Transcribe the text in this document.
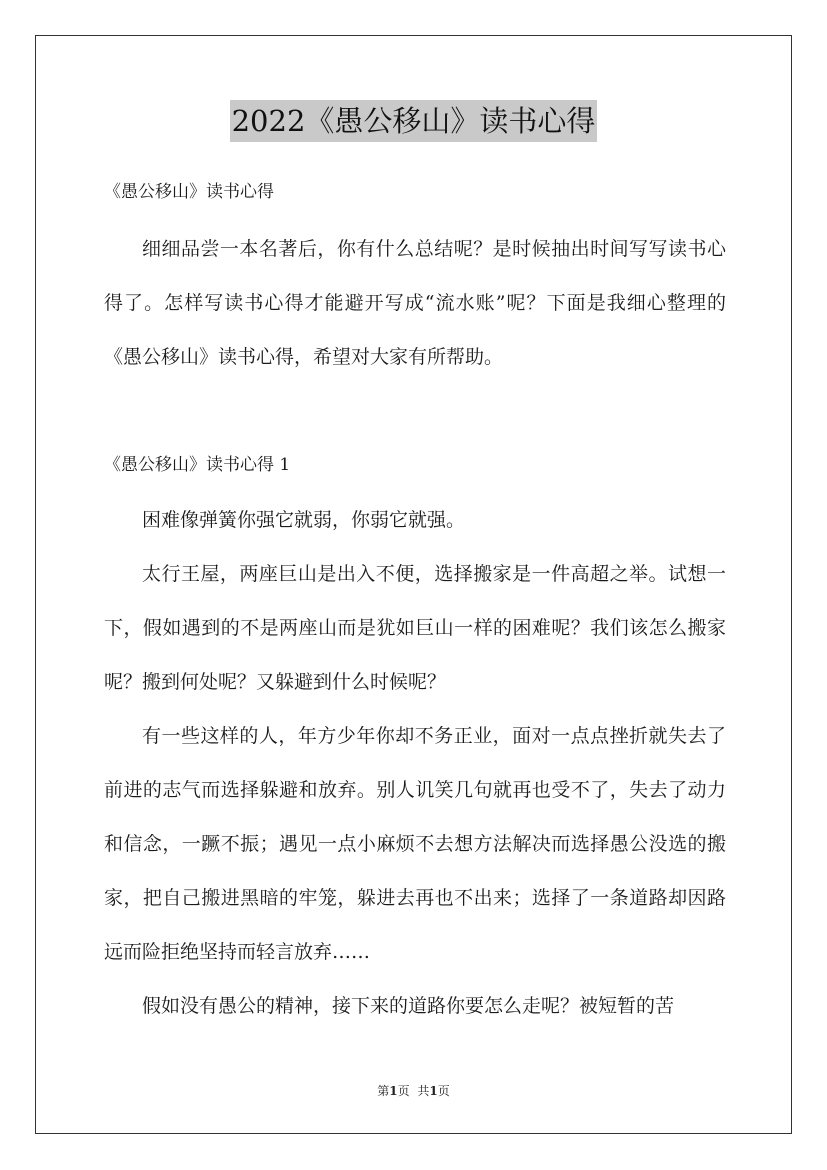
2022《愚公移山》读书心得
《愚公移山》读书心得

细细品尝一本名著后，你有什么总结呢？是时候抽出时间写写读书心得了。怎样写读书心得才能避开写成“流水账”呢？下面是我细心整理的《愚公移山》读书心得，希望对大家有所帮助。

《愚公移山》读书心得 1

困难像弹簧你强它就弱，你弱它就强。

太行王屋，两座巨山是出入不便，选择搬家是一件高超之举。试想一下，假如遇到的不是两座山而是犹如巨山一样的困难呢？我们该怎么搬家呢？搬到何处呢？又躲避到什么时候呢？

有一些这样的人，年方少年你却不务正业，面对一点点挫折就失去了前进的志气而选择躲避和放弃。别人讥笑几句就再也受不了，失去了动力和信念，一蹶不振；遇见一点小麻烦不去想方法解决而选择愚公没选的搬家，把自己搬进黑暗的牢笼，躲进去再也不出来；选择了一条道路却因路远而险拒绝坚持而轻言放弃……

假如没有愚公的精神，接下来的道路你要怎么走呢？被短暂的苦

第1页 共1页
